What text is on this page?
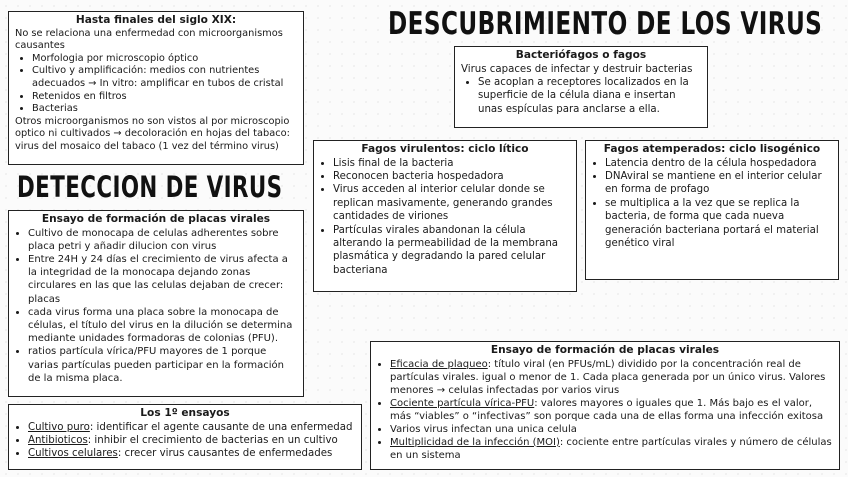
DESCUBRIMIENTO DE LOS VIRUS
DETECCION DE VIRUS
Hasta finales del siglo XIX:

No se relaciona una enfermedad con microorganismos causantes

• Morfologia por microscopio óptico
• Cultivo y amplificación: medios con nutrientes adecuados → In vitro: amplificar en tubos de cristal
• Retenidos en filtros
• Bacterias

Otros microorganismos no son vistos al por microscopio optico ni cultivados → decoloración en hojas del tabaco: virus del mosaico del tabaco (1 vez del término virus)

Bacteriófagos o fagos

Virus capaces de infectar y destruir bacterias

• Se acoplan a receptores localizados en la superficie de la célula diana e insertan unas espículas para anclarse a ella.
Fagos virulentos: ciclo lítico
• Lisis final de la bacteria
• Reconocen bacteria hospedadora
• Virus acceden al interior celular donde se replican masivamente, generando grandes cantidades de viriones
• Partículas virales abandonan la célula alterando la permeabilidad de la membrana plasmática y degradando la pared celular bacteriana
Fagos atemperados: ciclo lisogénico
• Latencia dentro de la célula hospedadora
• DNAviral se mantiene en el interior celular en forma de profago
• se multiplica a la vez que se replica la bacteria, de forma que cada nueva generación bacteriana portará el material genético viral
Ensayo de formación de placas virales
• Cultivo de monocapa de celulas adherentes sobre placa petri y añadir dilucion con virus
• Entre 24H y 24 días el crecimiento de virus afecta a la integridad de la monocapa dejando zonas circulares en las que las celulas dejaban de crecer: placas
• cada virus forma una placa sobre la monocapa de células, el título del virus en la dilución se determina mediante unidades formadoras de colonias (PFU).
• ratios partícula vírica/PFU mayores de 1 porque varias partículas pueden participar en la formación de la misma placa.
Los 1º ensayos
• Cultivo puro: identificar el agente causante de una enfermedad
• Antibioticos: inhibir el crecimiento de bacterias en un cultivo
• Cultivos celulares: crecer virus causantes de enfermedades
Ensayo de formación de placas virales
• Eficacia de plaqueo: título viral (en PFUs/mL) dividido por la concentración real de partículas virales. igual o menor de 1. Cada placa generada por un único virus. Valores menores → celulas infectadas por varios virus
• Cociente partícula vírica-PFU: valores mayores o iguales que 1. Más bajo es el valor, más “viables” o “infectivas” son porque cada una de ellas forma una infección exitosa
• Varios virus infectan una unica celula
• Multiplicidad de la infección (MOI): cociente entre partículas virales y número de células en un sistema
